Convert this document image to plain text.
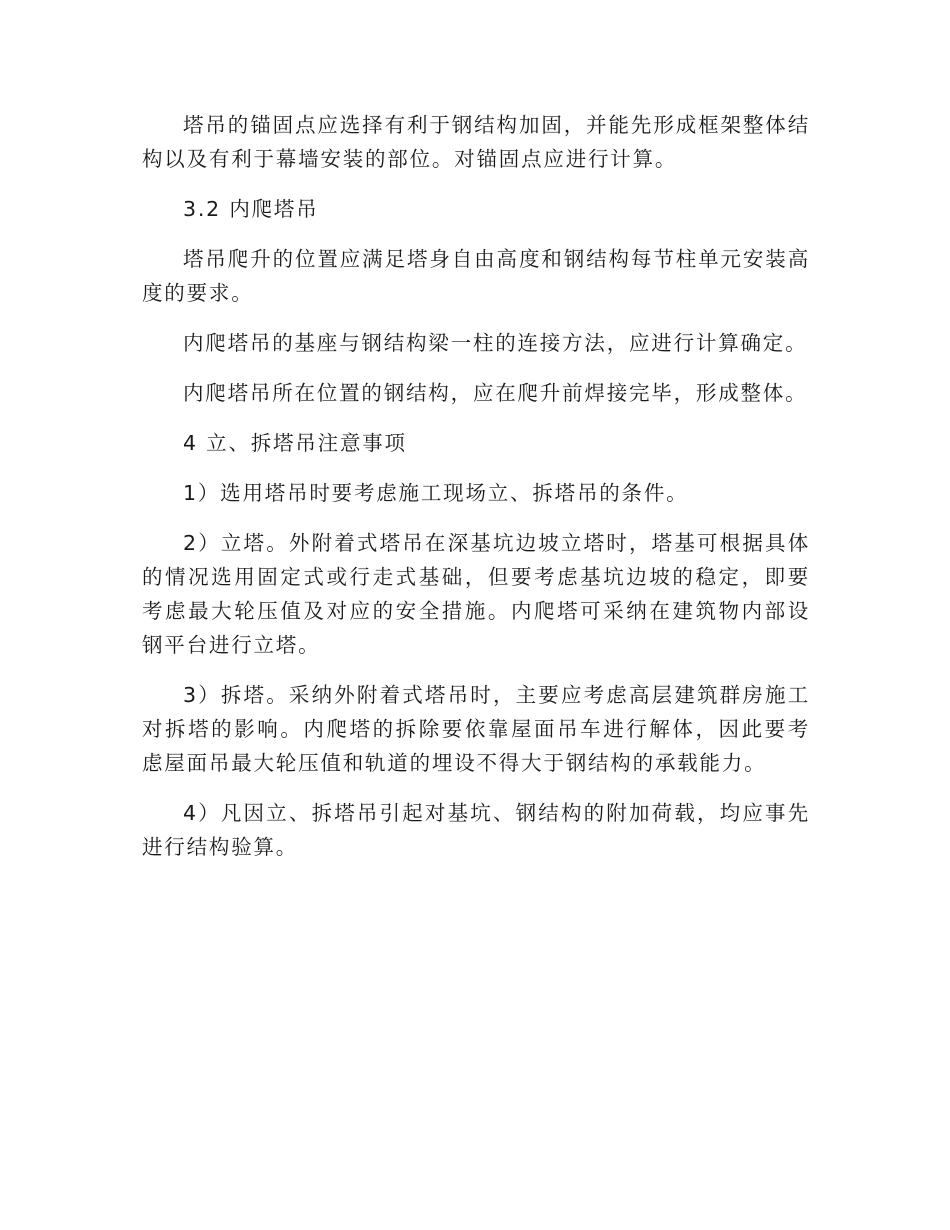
塔吊的锚固点应选择有利于钢结构加固，并能先形成框架整体结构以及有利于幕墙安装的部位。对锚固点应进行计算。

3.2 内爬塔吊

塔吊爬升的位置应满足塔身自由高度和钢结构每节柱单元安装高度的要求。

内爬塔吊的基座与钢结构梁一柱的连接方法，应进行计算确定。

内爬塔吊所在位置的钢结构，应在爬升前焊接完毕，形成整体。

4 立、拆塔吊注意事项

1）选用塔吊时要考虑施工现场立、拆塔吊的条件。

2）立塔。外附着式塔吊在深基坑边坡立塔时，塔基可根据具体的情况选用固定式或行走式基础，但要考虑基坑边坡的稳定，即要考虑最大轮压值及对应的安全措施。内爬塔可采纳在建筑物内部设钢平台进行立塔。

3）拆塔。采纳外附着式塔吊时，主要应考虑高层建筑群房施工对拆塔的影响。内爬塔的拆除要依靠屋面吊车进行解体，因此要考虑屋面吊最大轮压值和轨道的埋设不得大于钢结构的承载能力。

4）凡因立、拆塔吊引起对基坑、钢结构的附加荷载，均应事先进行结构验算。
